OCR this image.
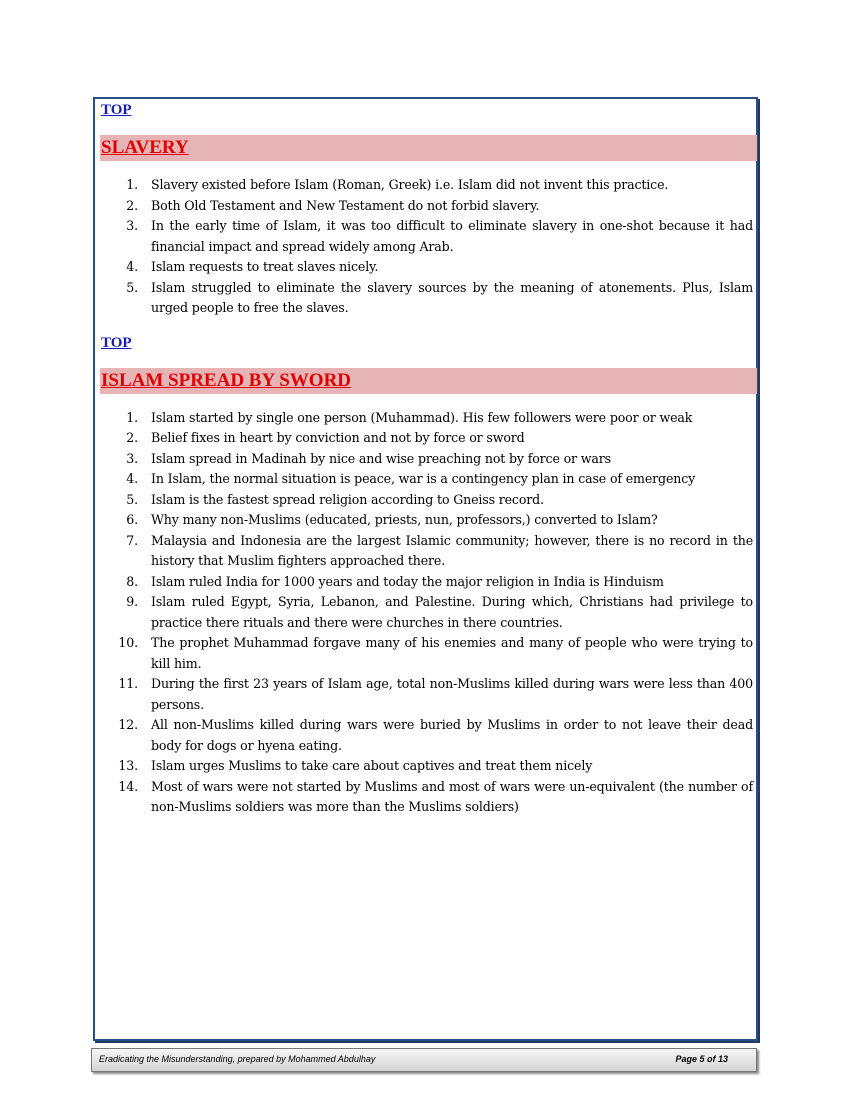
TOP
SLAVERY
1. Slavery existed before Islam (Roman, Greek) i.e. Islam did not invent this practice.
2. Both Old Testament and New Testament do not forbid slavery.
3. In the early time of Islam, it was too difficult to eliminate slavery in one-shot because it had financial impact and spread widely among Arab.
4. Islam requests to treat slaves nicely.
5. Islam struggled to eliminate the slavery sources by the meaning of atonements. Plus, Islam urged people to free the slaves.
TOP
ISLAM SPREAD BY SWORD
1. Islam started by single one person (Muhammad). His few followers were poor or weak
2. Belief fixes in heart by conviction and not by force or sword
3. Islam spread in Madinah by nice and wise preaching not by force or wars
4. In Islam, the normal situation is peace, war is a contingency plan in case of emergency
5. Islam is the fastest spread religion according to Gneiss record.
6. Why many non-Muslims (educated, priests, nun, professors,) converted to Islam?
7. Malaysia and Indonesia are the largest Islamic community; however, there is no record in the history that Muslim fighters approached there.
8. Islam ruled India for 1000 years and today the major religion in India is Hinduism
9. Islam ruled Egypt, Syria, Lebanon, and Palestine. During which, Christians had privilege to practice there rituals and there were churches in there countries.
10. The prophet Muhammad forgave many of his enemies and many of people who were trying to kill him.
11. During the first 23 years of Islam age, total non-Muslims killed during wars were less than 400 persons.
12. All non-Muslims killed during wars were buried by Muslims in order to not leave their dead body for dogs or hyena eating.
13. Islam urges Muslims to take care about captives and treat them nicely
14. Most of wars were not started by Muslims and most of wars were un-equivalent (the number of non-Muslims soldiers was more than the Muslims soldiers)
Eradicating the Misunderstanding, prepared by Mohammed Abdulhay	Page 5 of 13
